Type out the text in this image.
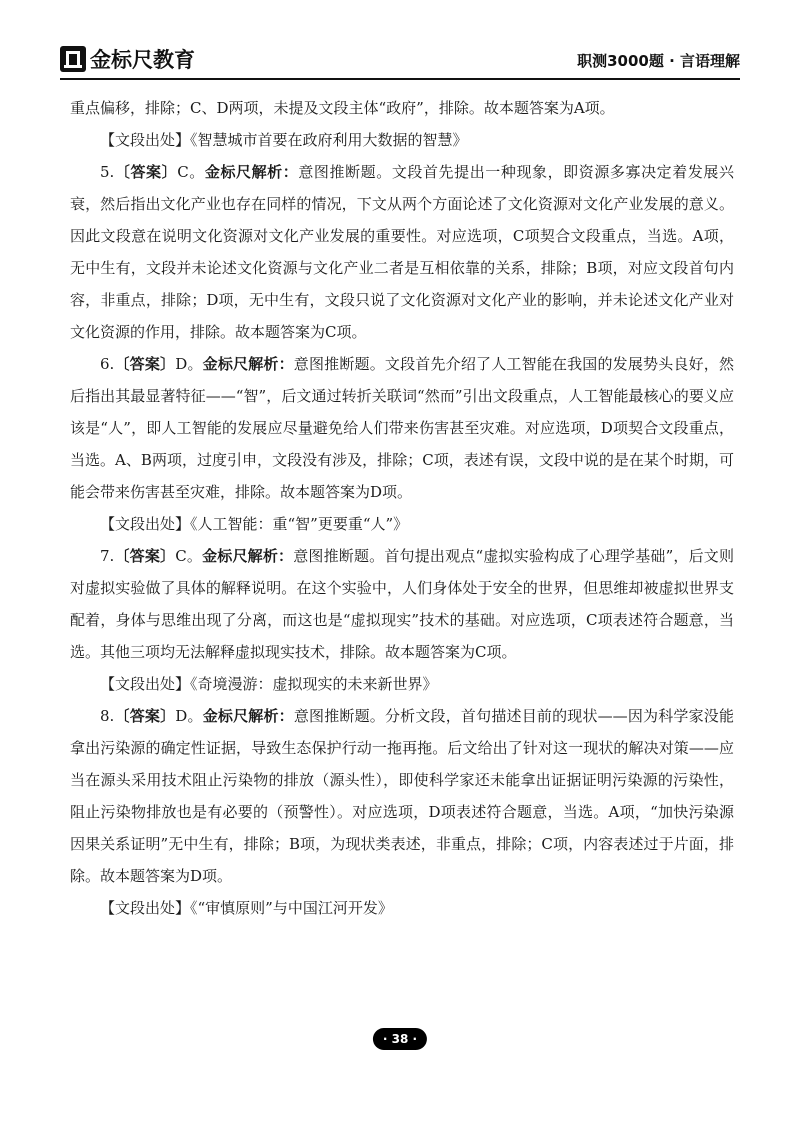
金标尺教育	职测3000题 · 言语理解

重点偏移，排除；C、D两项，未提及文段主体“政府”，排除。故本题答案为A项。

【文段出处】《智慧城市首要在政府利用大数据的智慧》

5.〔答案〕C。金标尺解析：意图推断题。文段首先提出一种现象，即资源多寡决定着发展兴衰，然后指出文化产业也存在同样的情况，下文从两个方面论述了文化资源对文化产业发展的意义。因此文段意在说明文化资源对文化产业发展的重要性。对应选项，C项契合文段重点，当选。A项，无中生有，文段并未论述文化资源与文化产业二者是互相依靠的关系，排除；B项，对应文段首句内容，非重点，排除；D项，无中生有，文段只说了文化资源对文化产业的影响，并未论述文化产业对文化资源的作用，排除。故本题答案为C项。

6.〔答案〕D。金标尺解析：意图推断题。文段首先介绍了人工智能在我国的发展势头良好，然后指出其最显著特征——“智”，后文通过转折关联词“然而”引出文段重点，人工智能最核心的要义应该是“人”，即人工智能的发展应尽量避免给人们带来伤害甚至灾难。对应选项，D项契合文段重点，当选。A、B两项，过度引申，文段没有涉及，排除；C项，表述有误，文段中说的是在某个时期，可能会带来伤害甚至灾难，排除。故本题答案为D项。

【文段出处】《人工智能：重“智”更要重“人”》

7.〔答案〕C。金标尺解析：意图推断题。首句提出观点“虚拟实验构成了心理学基础”，后文则对虚拟实验做了具体的解释说明。在这个实验中，人们身体处于安全的世界，但思维却被虚拟世界支配着，身体与思维出现了分离，而这也是“虚拟现实”技术的基础。对应选项，C项表述符合题意，当选。其他三项均无法解释虚拟现实技术，排除。故本题答案为C项。

【文段出处】《奇境漫游：虚拟现实的未来新世界》

8.〔答案〕D。金标尺解析：意图推断题。分析文段，首句描述目前的现状——因为科学家没能拿出污染源的确定性证据，导致生态保护行动一拖再拖。后文给出了针对这一现状的解决对策——应当在源头采用技术阻止污染物的排放（源头性），即使科学家还未能拿出证据证明污染源的污染性，阻止污染物排放也是有必要的（预警性）。对应选项，D项表述符合题意，当选。A项，“加快污染源因果关系证明”无中生有，排除；B项，为现状类表述，非重点，排除；C项，内容表述过于片面，排除。故本题答案为D项。

【文段出处】《“审慎原则”与中国江河开发》

· 38 ·
